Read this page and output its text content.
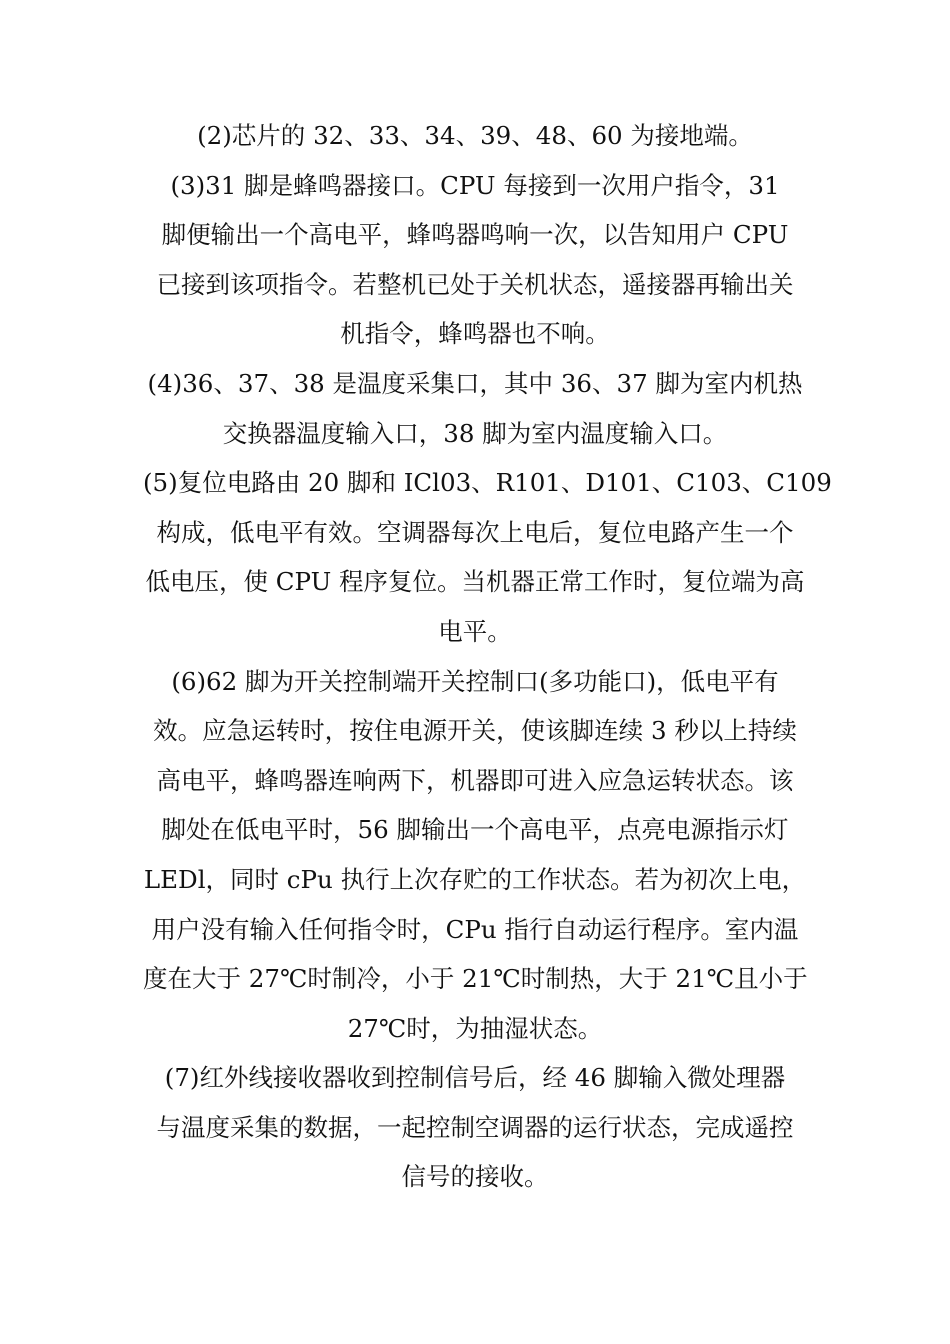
(2)芯片的 32、33、34、39、48、60 为接地端。

(3)31 脚是蜂鸣器接口。CPU 每接到一次用户指令，31
脚便输出一个高电平，蜂鸣器鸣响一次，以告知用户 CPU
已接到该项指令。若整机已处于关机状态，遥接器再输出关
机指令，蜂鸣器也不响。

(4)36、37、38 是温度采集口，其中 36、37 脚为室内机热
交换器温度输入口，38 脚为室内温度输入口。

(5)复位电路由 20 脚和 ICl03、R101、D101、C103、C109
构成，低电平有效。空调器每次上电后，复位电路产生一个
低电压，使 CPU 程序复位。当机器正常工作时，复位端为高
电平。

(6)62 脚为开关控制端开关控制口(多功能口)，低电平有
效。应急运转时，按住电源开关，使该脚连续 3 秒以上持续
高电平，蜂鸣器连响两下，机器即可进入应急运转状态。该
脚处在低电平时，56 脚输出一个高电平，点亮电源指示灯
LEDl，同时 cPu 执行上次存贮的工作状态。若为初次上电，
用户没有输入任何指令时，CPu 指行自动运行程序。室内温
度在大于 27℃时制冷，小于 21℃时制热，大于 21℃且小于
27℃时，为抽湿状态。

(7)红外线接收器收到控制信号后，经 46 脚输入微处理器
与温度采集的数据，一起控制空调器的运行状态，完成遥控
信号的接收。
